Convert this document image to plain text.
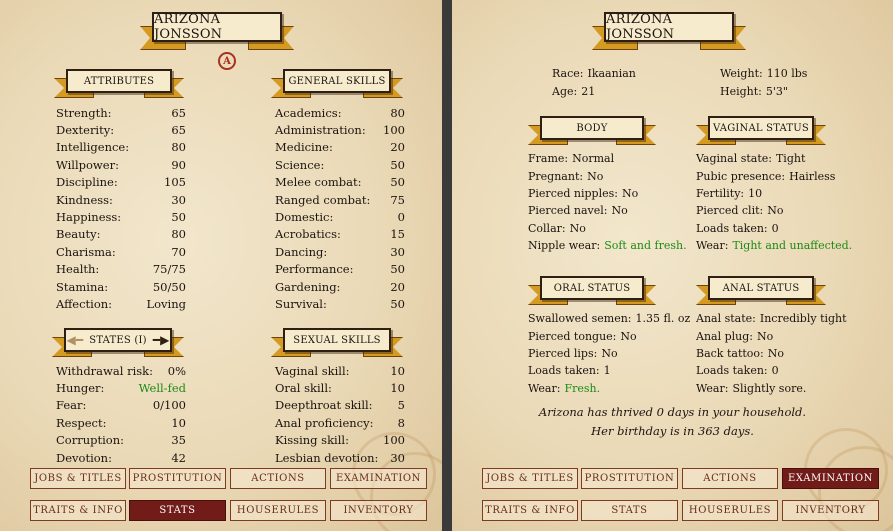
ARIZONA JONSSON
A
ATTRIBUTES
Strength:	65
Dexterity:	65
Intelligence:	80
Willpower:	90
Discipline:	105
Kindness:	30
Happiness:	50
Beauty:	80
Charisma:	70
Health:	75/75
Stamina:	50/50
Affection:	Loving
GENERAL SKILLS
Academics:	80
Administration: 100
Medicine:	20
Science:	50
Melee combat:	50
Ranged combat: 75
Domestic:	0
Acrobatics:	15
Dancing:	30
Performance:	50
Gardening:	20
Survival:	50
◀━ STATES (I) ━▶
Withdrawal risk: 0%
Hunger:	Well-fed
Fear:	0/100
Respect:	10
Corruption:	35
Devotion:	42
SEXUAL SKILLS
Vaginal skill:	10
Oral skill:	10
Deepthroat skill: 5
Anal proficiency: 8
Kissing skill:	100
Lesbian devotion: 30
JOBS & TITLES	PROSTITUTION	ACTIONS	EXAMINATION
TRAITS & INFO	STATS	HOUSERULES	INVENTORY
ARIZONA JONSSON
Race: Ikaanian
Age: 21
Weight: 110 lbs
Height: 5'3"
BODY
Frame: Normal
Pregnant: No
Pierced nipples: No
Pierced navel: No
Collar: No
Nipple wear: Soft and fresh.
VAGINAL STATUS
Vaginal state: Tight
Pubic presence: Hairless
Fertility: 10
Pierced clit: No
Loads taken: 0
Wear: Tight and unaffected.
ORAL STATUS
Swallowed semen: 1.35 fl. oz
Pierced tongue: No
Pierced lips: No
Loads taken: 1
Wear: Fresh.
ANAL STATUS
Anal state: Incredibly tight
Anal plug: No
Back tattoo: No
Loads taken: 0
Wear: Slightly sore.
Arizona has thrived 0 days in your household.
Her birthday is in 363 days.
JOBS & TITLES	PROSTITUTION	ACTIONS	EXAMINATION
TRAITS & INFO	STATS	HOUSERULES	INVENTORY
